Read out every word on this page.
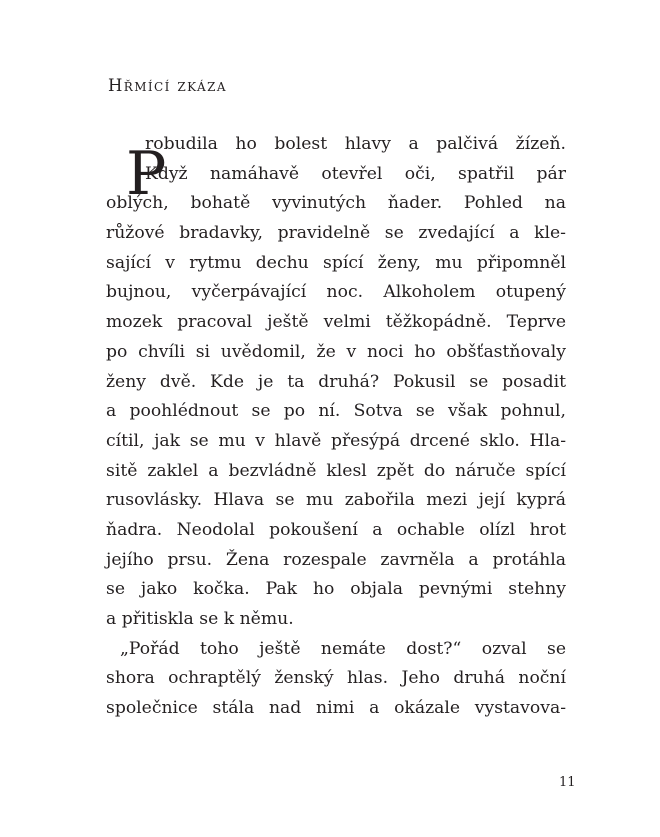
Hřmící zkáza
P
robudila ho bolest hlavy a palčivá žízeň.
Když namáhavě otevřel oči, spatřil pár
oblých, bohatě vyvinutých ňader. Pohled na
růžové bradavky, pravidelně se zvedající a kle-
sající v rytmu dechu spící ženy, mu připomněl
bujnou, vyčerpávající noc. Alkoholem otupený
mozek pracoval ještě velmi těžkopádně. Teprve
po chvíli si uvědomil, že v noci ho obšťastňovaly
ženy dvě. Kde je ta druhá? Pokusil se posadit
a poohlédnout se po ní. Sotva se však pohnul,
cítil, jak se mu v hlavě přesýpá drcené sklo. Hla-
sitě zaklel a bezvládně klesl zpět do náruče spící
rusovlásky. Hlava se mu zabořila mezi její kyprá
ňadra. Neodolal pokoušení a ochable olízl hrot
jejího prsu. Žena rozespale zavrněla a protáhla
se jako kočka. Pak ho objala pevnými stehny
a přitiskla se k němu.
„Pořád toho ještě nemáte dost?“ ozval se
shora ochraptělý ženský hlas. Jeho druhá noční
společnice stála nad nimi a okázale vystavova-
11
